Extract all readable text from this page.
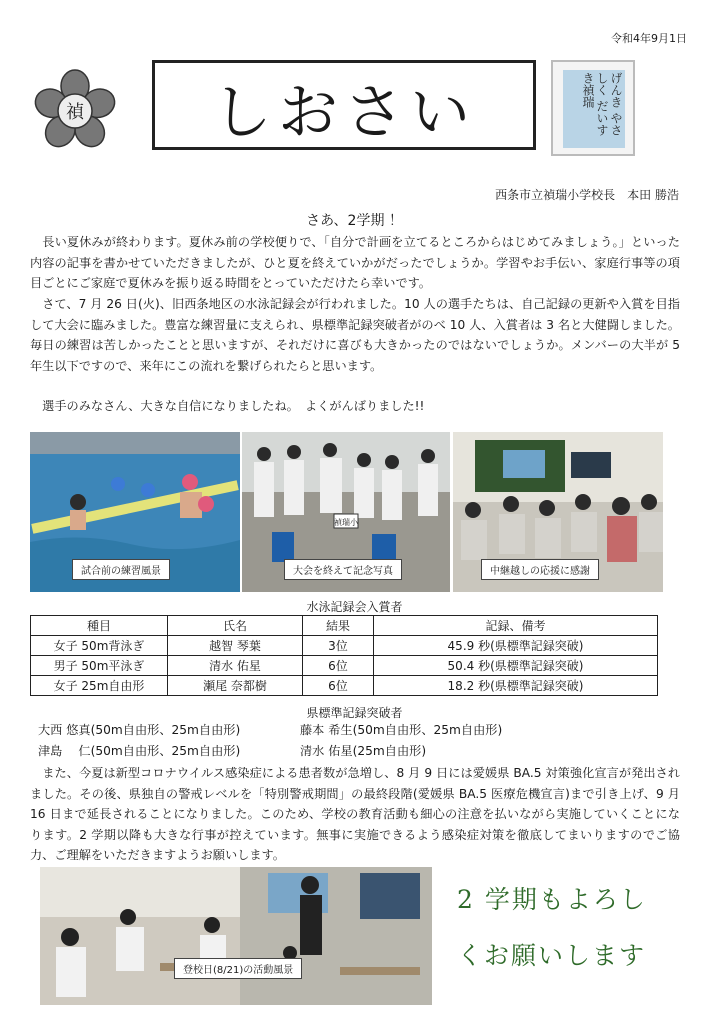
令和4年9月1日
禎	しおさい	げんき やさしく だいすき禎瑞
西条市立禎瑞小学校長　本田 勝浩
さあ、2学期 ！
　長い夏休みが終わります。夏休み前の学校便りで、「自分で計画を立てるところからはじめてみましょう。」といった内容の記事を書かせていただきましたが、ひと夏を終えていかがだったでしょうか。学習やお手伝い、家庭行事等の項目ごとにご家庭で夏休みを振り返る時間をとっていただけたら幸いです。
　さて、7 月 26 日(火)、旧西条地区の水泳記録会が行われました。10 人の選手たちは、自己記録の更新や入賞を目指して大会に臨みました。豊富な練習量に支えられ、県標準記録突破者がのべ 10 人、入賞者は 3 名と大健闘しました。毎日の練習は苦しかったことと思いますが、それだけに喜びも大きかったのではないでしょうか。メンバーの大半が 5 年生以下ですので、来年にこの流れを繋げられたらと思います。
　選手のみなさん、大きな自信になりましたね。　よくがんばりました!!
試合前の練習風景
禎瑞小
大会を終えて記念写真	中継越しの応援に感謝
水泳記録会入賞者
種目	氏名	結果	記録、備考
女子 50m背泳ぎ	越智 琴葉	3位	45.9 秒(県標準記録突破)
男子 50m平泳ぎ	清水 佑星	6位	50.4 秒(県標準記録突破)
女子 25m自由形	瀬尾 奈都樹	6位	18.2 秒(県標準記録突破)
県標準記録突破者
大西 悠真(50m自由形、25m自由形)	藤本 希生(50m自由形、25m自由形)
津島　 仁(50m自由形、25m自由形)	清水 佑星(25m自由形)
　また、今夏は新型コロナウイルス感染症による患者数が急増し、8 月 9 日には愛媛県 BA.5 対策強化宣言が発出されました。その後、県独自の警戒レベルを「特別警戒期間」の最終段階(愛媛県 BA.5 医療危機宣言)まで引き上げ、9 月 16 日まで延長されることになりました。このため、学校の教育活動も細心の注意を払いながら実施していくことになります。2 学期以降も大きな行事が控えています。無事に実施できるよう感染症対策を徹底してまいりますのでご協力、ご理解をいただきますようお願いします。
登校日(8/21)の活動風景
2 学期もよろし
くお願いします
